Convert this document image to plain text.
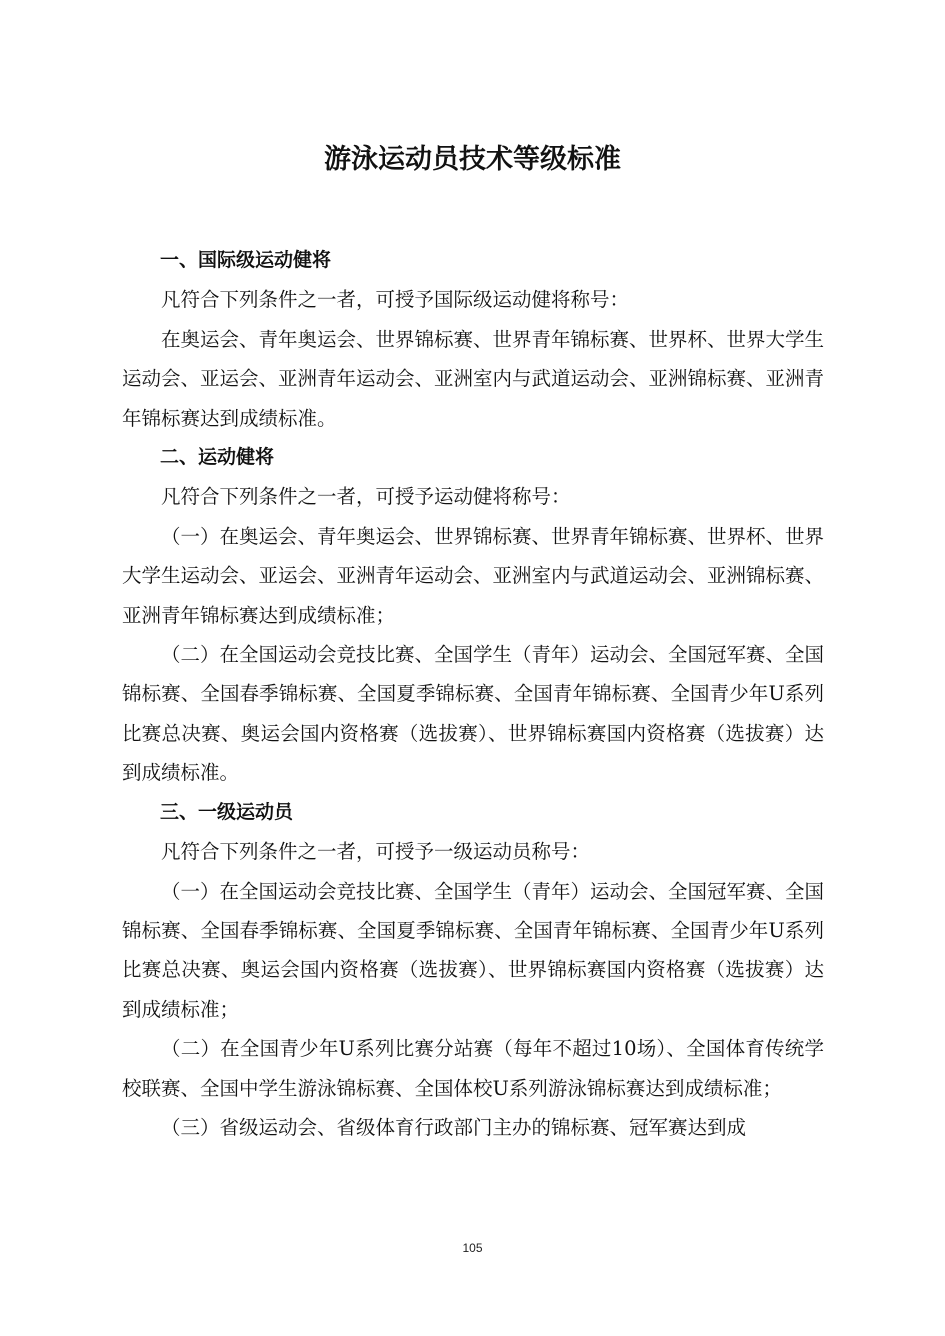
游泳运动员技术等级标准

一、国际级运动健将

凡符合下列条件之一者，可授予国际级运动健将称号：

在奥运会、青年奥运会、世界锦标赛、世界青年锦标赛、世界杯、世界大学生运动会、亚运会、亚洲青年运动会、亚洲室内与武道运动会、亚洲锦标赛、亚洲青年锦标赛达到成绩标准。

二、运动健将

凡符合下列条件之一者，可授予运动健将称号：

（一）在奥运会、青年奥运会、世界锦标赛、世界青年锦标赛、世界杯、世界大学生运动会、亚运会、亚洲青年运动会、亚洲室内与武道运动会、亚洲锦标赛、亚洲青年锦标赛达到成绩标准；

（二）在全国运动会竞技比赛、全国学生（青年）运动会、全国冠军赛、全国锦标赛、全国春季锦标赛、全国夏季锦标赛、全国青年锦标赛、全国青少年U系列比赛总决赛、奥运会国内资格赛（选拔赛）、世界锦标赛国内资格赛（选拔赛）达到成绩标准。

三、一级运动员

凡符合下列条件之一者，可授予一级运动员称号：

（一）在全国运动会竞技比赛、全国学生（青年）运动会、全国冠军赛、全国锦标赛、全国春季锦标赛、全国夏季锦标赛、全国青年锦标赛、全国青少年U系列比赛总决赛、奥运会国内资格赛（选拔赛）、世界锦标赛国内资格赛（选拔赛）达到成绩标准；

（二）在全国青少年U系列比赛分站赛（每年不超过10场）、全国体育传统学校联赛、全国中学生游泳锦标赛、全国体校U系列游泳锦标赛达到成绩标准；

（三）省级运动会、省级体育行政部门主办的锦标赛、冠军赛达到成

105
